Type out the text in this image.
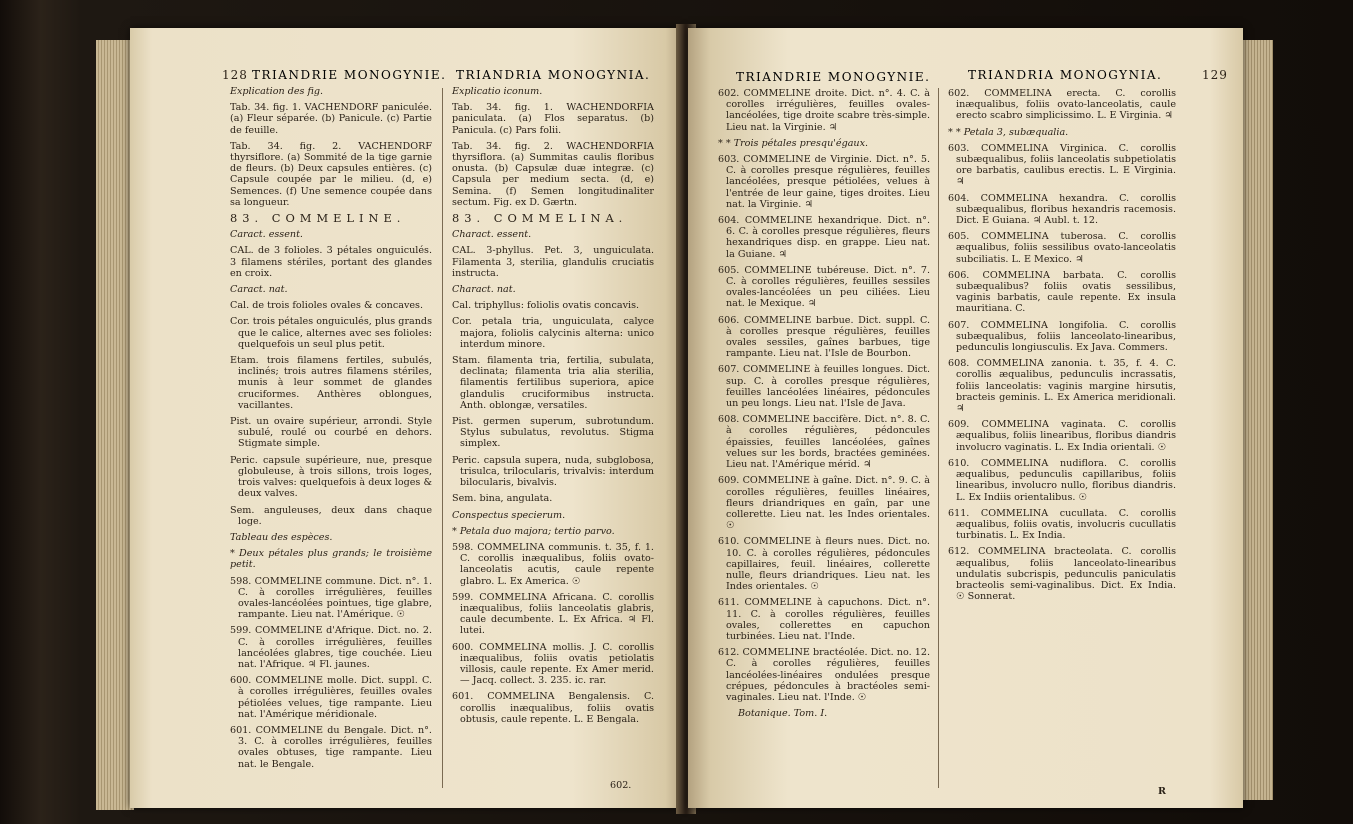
128 TRIANDRIE MONOGYNIE. TRIANDRIA MONOGYNIA.

Explication des fig.

Tab. 34. fig. 1. VACHENDORF paniculée. (a) Fleur séparée. (b) Panicule. (c) Partie de feuille.

Tab. 34. fig. 2. VACHENDORF thyrsiflore. (a) Sommité de la tige garnie de fleurs. (b) Deux capsules entières. (c) Capsule coupée par le milieu. (d, e) Semences. (f) Une semence coupée dans sa longueur.

83. COMMELINE.

Caract. essent.

CAL. de 3 folioles. 3 pétales onguiculés. 3 filamens stériles, portant des glandes en croix.

Caract. nat.

Cal. de trois folioles ovales & concaves.

Cor. trois pétales onguiculés, plus grands que le calice, alternes avec ses folioles: quelquefois un seul plus petit.

Etam. trois filamens fertiles, subulés, inclinés; trois autres filamens stériles, munis à leur sommet de glandes cruciformes. Anthères oblongues, vacillantes.

Pist. un ovaire supérieur, arrondi. Style subulé, roulé ou courbé en dehors. Stigmate simple.

Peric. capsule supérieure, nue, presque globuleuse, à trois sillons, trois loges, trois valves: quelquefois à deux loges & deux valves.

Sem. anguleuses, deux dans chaque loge.

Tableau des espèces.

* Deux pétales plus grands; le troisième petit.

598. COMMELINE commune. Dict. n°. 1. C. à corolles irrégulières, feuilles ovales-lancéolées pointues, tige glabre, rampante. Lieu nat. l'Amérique. ☉

599. COMMELINE d'Afrique. Dict. no. 2. C. à corolles irrégulières, feuilles lancéolées glabres, tige couchée. Lieu nat. l'Afrique. ♃ Fl. jaunes.

600. COMMELINE molle. Dict. suppl. C. à corolles irrégulières, feuilles ovales pétiolées velues, tige rampante. Lieu nat. l'Amérique méridionale.

601. COMMELINE du Bengale. Dict. n°. 3. C. à corolles irrégulières, feuilles ovales obtuses, tige rampante. Lieu nat. le Bengale.

Explicatio iconum.

Tab. 34. fig. 1. WACHENDORFIA paniculata. (a) Flos separatus. (b) Panicula. (c) Pars folii.

Tab. 34. fig. 2. WACHENDORFIA thyrsiflora. (a) Summitas caulis floribus onusta. (b) Capsulæ duæ integræ. (c) Capsula per medium secta. (d, e) Semina. (f) Semen longitudinaliter sectum. Fig. ex D. Gærtn.

83. COMMELINA.

Charact. essent.

CAL. 3-phyllus. Pet. 3, unguiculata. Filamenta 3, sterilia, glandulis cruciatis instructa.

Charact. nat.

Cal. triphyllus: foliolis ovatis concavis.

Cor. petala tria, unguiculata, calyce majora, foliolis calycinis alterna: unico interdum minore.

Stam. filamenta tria, fertilia, subulata, declinata; filamenta tria alia sterilia, filamentis fertilibus superiora, apice glandulis cruciformibus instructa. Anth. oblongæ, versatiles.

Pist. germen superum, subrotundum. Stylus subulatus, revolutus. Stigma simplex.

Peric. capsula supera, nuda, subglobosa, trisulca, trilocularis, trivalvis: interdum bilocularis, bivalvis.

Sem. bina, angulata.

Conspectus specierum.

* Petala duo majora; tertio parvo.

598. COMMELINA communis. t. 35, f. 1. C. corollis inæqualibus, foliis ovato-lanceolatis acutis, caule repente glabro. L. Ex America. ☉

599. COMMELINA Africana. C. corollis inæqualibus, foliis lanceolatis glabris, caule decumbente. L. Ex Africa. ♃ Fl. lutei.

600. COMMELINA mollis. J. C. corollis inæqualibus, foliis ovatis petiolatis villosis, caule repente. Ex Amer merid. — Jacq. collect. 3. 235. ic. rar.

601. COMMELINA Bengalensis. C. corollis inæqualibus, foliis ovatis obtusis, caule repente. L. E Bengala.

602.
TRIANDRIE MONOGYNIE.	TRIANDRIA MONOGYNIA.	129

602. COMMELINE droite. Dict. n°. 4. C. à corolles irrégulières, feuilles ovales-lancéolées, tige droite scabre très-simple. Lieu nat. la Virginie. ♃

* * Trois pétales presqu'égaux.

603. COMMELINE de Virginie. Dict. n°. 5. C. à corolles presque régulières, feuilles lancéolées, presque pétiolées, velues à l'entrée de leur gaine, tiges droites. Lieu nat. la Virginie. ♃

604. COMMELINE hexandrique. Dict. n°. 6. C. à corolles presque régulières, fleurs hexandriques disp. en grappe. Lieu nat. la Guiane. ♃

605. COMMELINE tubéreuse. Dict. n°. 7. C. à corolles régulières, feuilles sessiles ovales-lancéolées un peu ciliées. Lieu nat. le Mexique. ♃

606. COMMELINE barbue. Dict. suppl. C. à corolles presque régulières, feuilles ovales sessiles, gaînes barbues, tige rampante. Lieu nat. l'Isle de Bourbon.

607. COMMELINE à feuilles longues. Dict. sup. C. à corolles presque régulières, feuilles lancéolées linéaires, pédoncules un peu longs. Lieu nat. l'Isle de Java.

608. COMMELINE baccifère. Dict. n°. 8. C. à corolles régulières, pédoncules épaissies, feuilles lancéolées, gaînes velues sur les bords, bractées geminées. Lieu nat. l'Amérique mérid. ♃

609. COMMELINE à gaîne. Dict. n°. 9. C. à corolles régulières, feuilles linéaires, fleurs driandriques en gaîn, par une collerette. Lieu nat. les Indes orientales. ☉

610. COMMELINE à fleurs nues. Dict. no. 10. C. à corolles régulières, pédoncules capillaires, feuil. linéaires, collerette nulle, fleurs driandriques. Lieu nat. les Indes orientales. ☉

611. COMMELINE à capuchons. Dict. n°. 11. C. à corolles régulières, feuilles ovales, collerettes en capuchon turbinées. Lieu nat. l'Inde.

612. COMMELINE bractéolée. Dict. no. 12. C. à corolles régulières, feuilles lancéolées-linéaires ondulées presque crépues, pédoncules à bractéoles semi-vaginales. Lieu nat. l'Inde. ☉

Botanique. Tom. I.

602. COMMELINA erecta. C. corollis inæqualibus, foliis ovato-lanceolatis, caule erecto scabro simplicissimo. L. E Virginia. ♃

* * Petala 3, subæqualia.

603. COMMELINA Virginica. C. corollis subæqualibus, foliis lanceolatis subpetiolatis ore barbatis, caulibus erectis. L. E Virginia. ♃

604. COMMELINA hexandra. C. corollis subæqualibus, floribus hexandris racemosis. Dict. E Guiana. ♃ Aubl. t. 12.

605. COMMELINA tuberosa. C. corollis æqualibus, foliis sessilibus ovato-lanceolatis subciliatis. L. E Mexico. ♃

606. COMMELINA barbata. C. corollis subæqualibus? foliis ovatis sessilibus, vaginis barbatis, caule repente. Ex insula mauritiana. C.

607. COMMELINA longifolia. C. corollis subæqualibus, foliis lanceolato-linearibus, pedunculis longiusculis. Ex Java. Commers.

608. COMMELINA zanonia. t. 35, f. 4. C. corollis æqualibus, pedunculis incrassatis, foliis lanceolatis: vaginis margine hirsutis, bracteis geminis. L. Ex America meridionali. ♃

609. COMMELINA vaginata. C. corollis æqualibus, foliis linearibus, floribus diandris involucro vaginatis. L. Ex India orientali. ☉

610. COMMELINA nudiflora. C. corollis æqualibus, pedunculis capillaribus, foliis linearibus, involucro nullo, floribus diandris. L. Ex Indiis orientalibus. ☉

611. COMMELINA cucullata. C. corollis æqualibus, foliis ovatis, involucris cucullatis turbinatis. L. Ex India.

612. COMMELINA bracteolata. C. corollis æqualibus, foliis lanceolato-linearibus undulatis subcrispis, pedunculis paniculatis bracteolis semi-vaginalibus. Dict. Ex India. ☉ Sonnerat.

R
